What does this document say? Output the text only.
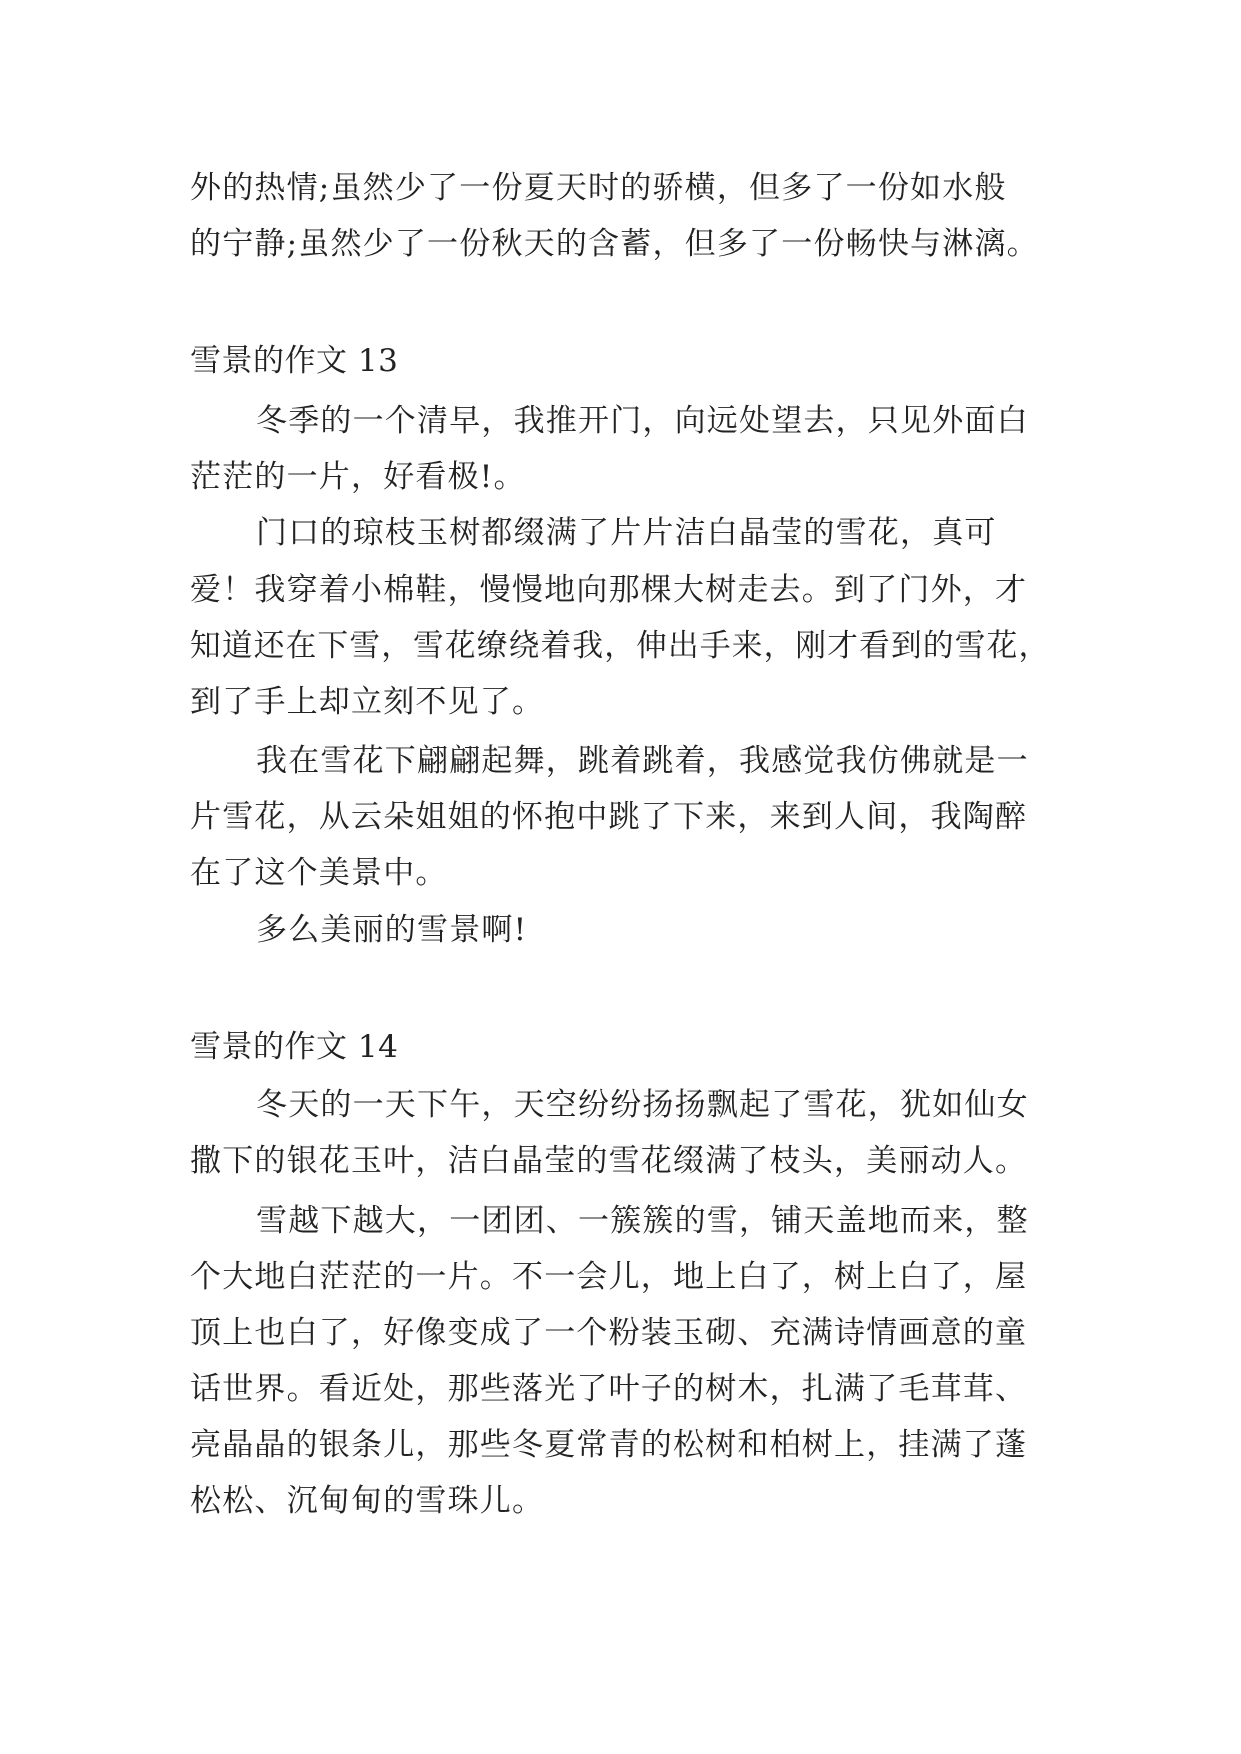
外的热情;虽然少了一份夏天时的骄横，但多了一份如水般
的宁静;虽然少了一份秋天的含蓄，但多了一份畅快与淋漓。
雪景的作文 13
冬季的一个清早，我推开门，向远处望去，只见外面白
茫茫的一片，好看极!。
门口的琼枝玉树都缀满了片片洁白晶莹的雪花，真可
爱！我穿着小棉鞋，慢慢地向那棵大树走去。到了门外，才
知道还在下雪，雪花缭绕着我，伸出手来，刚才看到的雪花，
到了手上却立刻不见了。
我在雪花下翩翩起舞，跳着跳着，我感觉我仿佛就是一
片雪花，从云朵姐姐的怀抱中跳了下来，来到人间，我陶醉
在了这个美景中。
多么美丽的雪景啊!
雪景的作文 14
冬天的一天下午，天空纷纷扬扬飘起了雪花，犹如仙女
撒下的银花玉叶，洁白晶莹的雪花缀满了枝头，美丽动人。
雪越下越大，一团团、一簇簇的雪，铺天盖地而来，整
个大地白茫茫的一片。不一会儿，地上白了，树上白了，屋
顶上也白了，好像变成了一个粉装玉砌、充满诗情画意的童
话世界。看近处，那些落光了叶子的树木，扎满了毛茸茸、
亮晶晶的银条儿，那些冬夏常青的松树和柏树上，挂满了蓬
松松、沉甸甸的雪珠儿。
